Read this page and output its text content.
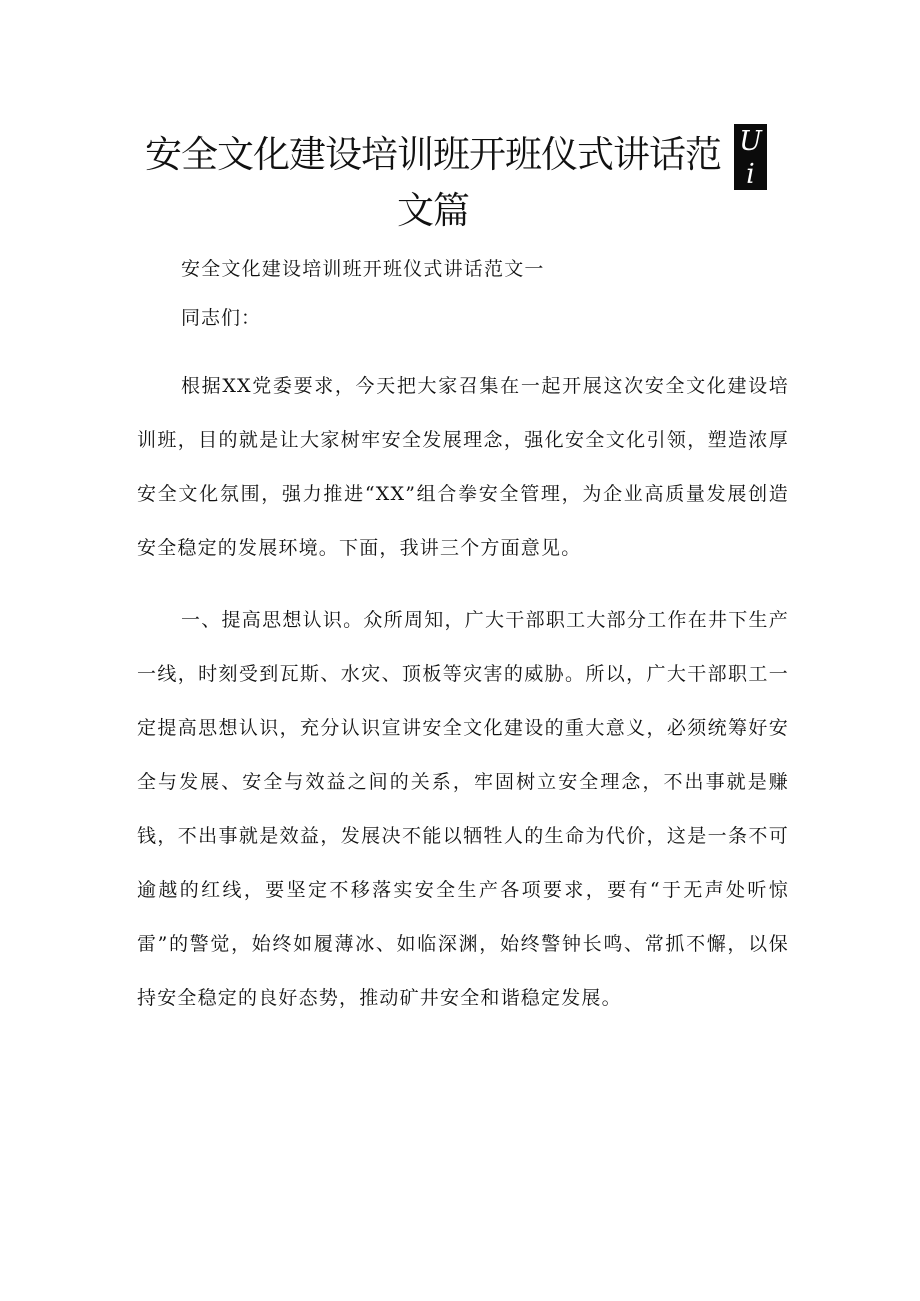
安全文化建设培训班开班仪式讲话范文篇
U
i

安全文化建设培训班开班仪式讲话范文一

同志们：

根据XX党委要求，今天把大家召集在一起开展这次安全文化建设培训班，目的就是让大家树牢安全发展理念，强化安全文化引领，塑造浓厚安全文化氛围，强力推进“XX”组合拳安全管理，为企业高质量发展创造安全稳定的发展环境。下面，我讲三个方面意见。

一、提高思想认识。众所周知，广大干部职工大部分工作在井下生产一线，时刻受到瓦斯、水灾、顶板等灾害的威胁。所以，广大干部职工一定提高思想认识，充分认识宣讲安全文化建设的重大意义，必须统筹好安全与发展、安全与效益之间的关系，牢固树立安全理念，不出事就是赚钱，不出事就是效益，发展决不能以牺牲人的生命为代价，这是一条不可逾越的红线，要坚定不移落实安全生产各项要求，要有“于无声处听惊雷”的警觉，始终如履薄冰、如临深渊，始终警钟长鸣、常抓不懈，以保持安全稳定的良好态势，推动矿井安全和谐稳定发展。
